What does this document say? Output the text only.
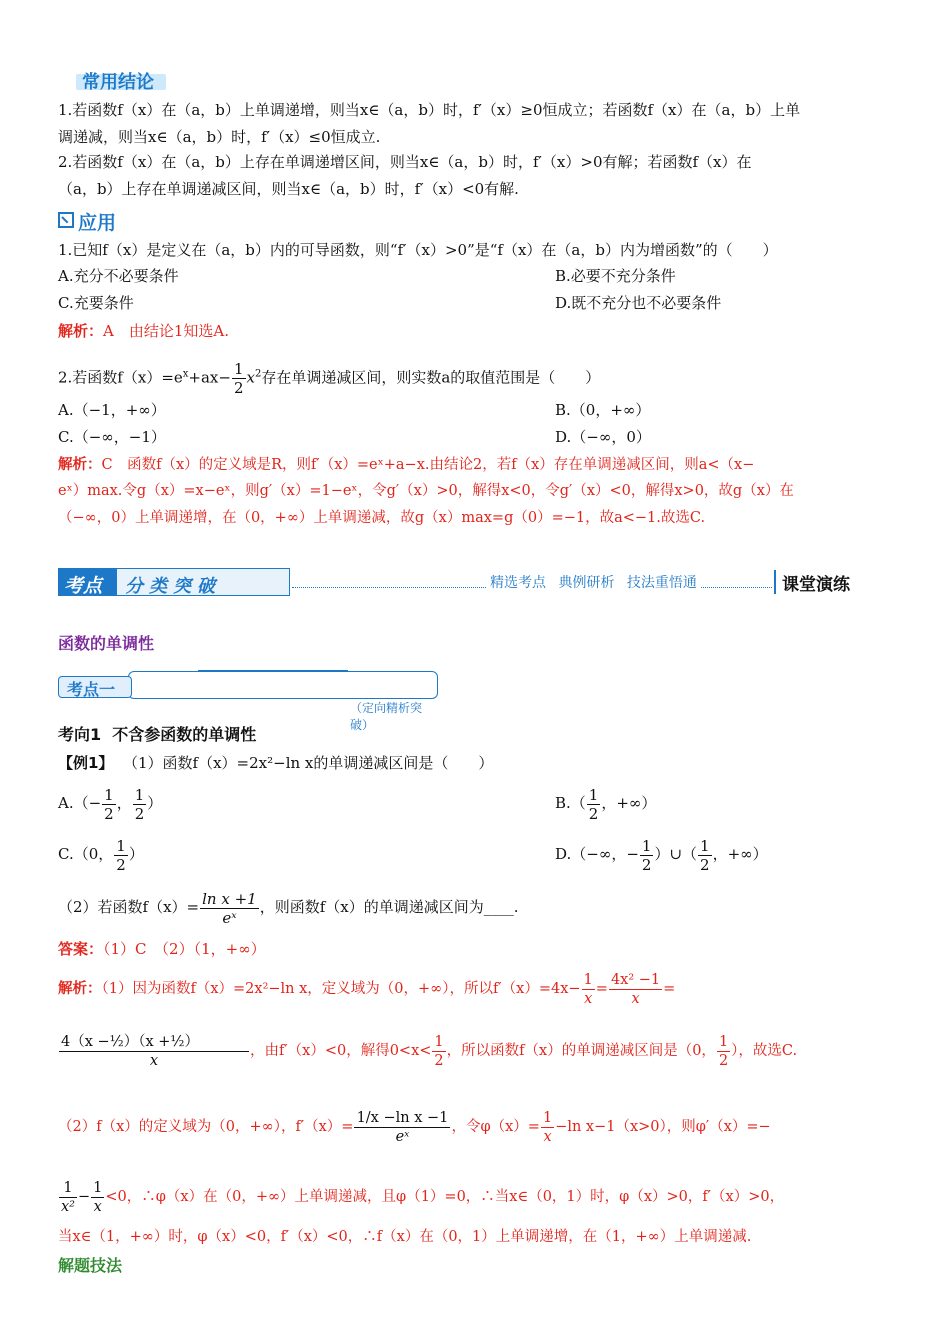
常用结论
1.若函数f（x）在（a，b）上单调递增，则当x∈（a，b）时，f′（x）≥0恒成立；若函数f（x）在（a，b）上单
调递减，则当x∈（a，b）时，f′（x）≤0恒成立.
2.若函数f（x）在（a，b）上存在单调递增区间，则当x∈（a，b）时，f′（x）>0有解；若函数f（x）在
（a，b）上存在单调递减区间，则当x∈（a，b）时，f′（x）<0有解.
应用
1.已知f（x）是定义在（a，b）内的可导函数，则“f′（x）>0”是“f（x）在（a，b）内为增函数”的（　　）
A.充分不必要条件	B.必要不充分条件
C.充要条件	D.既不充分也不必要条件
解析：A　由结论1知选A.
2.若函数$f(x)=e^x+ax- \frac{1}{2} x^2$存在单调递减区间，则实数a的取值范围是（　　）
A.（−1，+∞）	B.（0，+∞）
C.（−∞，−1）	D.（−∞，0）
解析：C　函数f（x）的定义域是R，则f′（x）=eˣ+a−x.由结论2，若f（x）存在单调递减区间，则a<（x−
eˣ）max.令g（x）=x−eˣ，则g′（x）=1−eˣ，令g′（x）>0，解得x<0，令g′（x）<0，解得x>0，故g（x）在
（−∞，0）上单调递增，在（0，+∞）上单调递减，故g（x）max=g（0）=−1，故a<−1.故选C.
考点 分类突破	精选考点 典例研析 技法重悟通	课堂演练
函数的单调性
考点一
（定向精析突破）
考向1 不含参函数的单调性
【例1】 （1）函数f（x）=2x²−ln x的单调递减区间是（　　）
$A.(- \frac{1}{2}$ ， $\frac{1}{2}$ ）	$B.( \frac{1}{2}$ ，+∞）
C.（0， $\frac{1}{2}$ ）	D.（−∞，− $\frac{1}{2}$ ）∪（ $\frac{1}{2}$ ，+∞）
（2）若函数$f(x)= \frac{\text{ln x +1}}{\text{eˣ}}$ ，则函数f（x）的单调递减区间为____.
答案：（1）C　（2）（1，+∞）
解析：（1）因为函数f（x）=2x²−ln x，定义域为（0，+∞），所以$f'(x)=4x- \frac{1}{x} = \frac{\text{4x² −1}}{x}$ =
$\frac{\text{4（x −½）（x +½）}}{x}$ ，由f′（x）<0，解得$0<x< \frac{1}{2}$ ，所以函数f（x）的单调递减区间是（0， $\frac{1}{2}$ ），故选C.
（2）f（x）的定义域为（0，+∞），$f'(x)= \frac{\text{1/x −ln x −1}}{\text{eˣ}}$ ，令$\varphi(x)= \frac{1}{x} -\ln$ x−1（x>0），则φ′（x）=−
$\frac{1}{\text{x²}} - \frac{1}{x} <0$，∴φ（x）在（0，+∞）上单调递减，且φ（1）=0，∴当x∈（0，1）时，φ（x）>0，f′（x）>0，
当x∈（1，+∞）时，φ（x）<0，f′（x）<0，∴f（x）在（0，1）上单调递增，在（1，+∞）上单调递减.
解题技法
